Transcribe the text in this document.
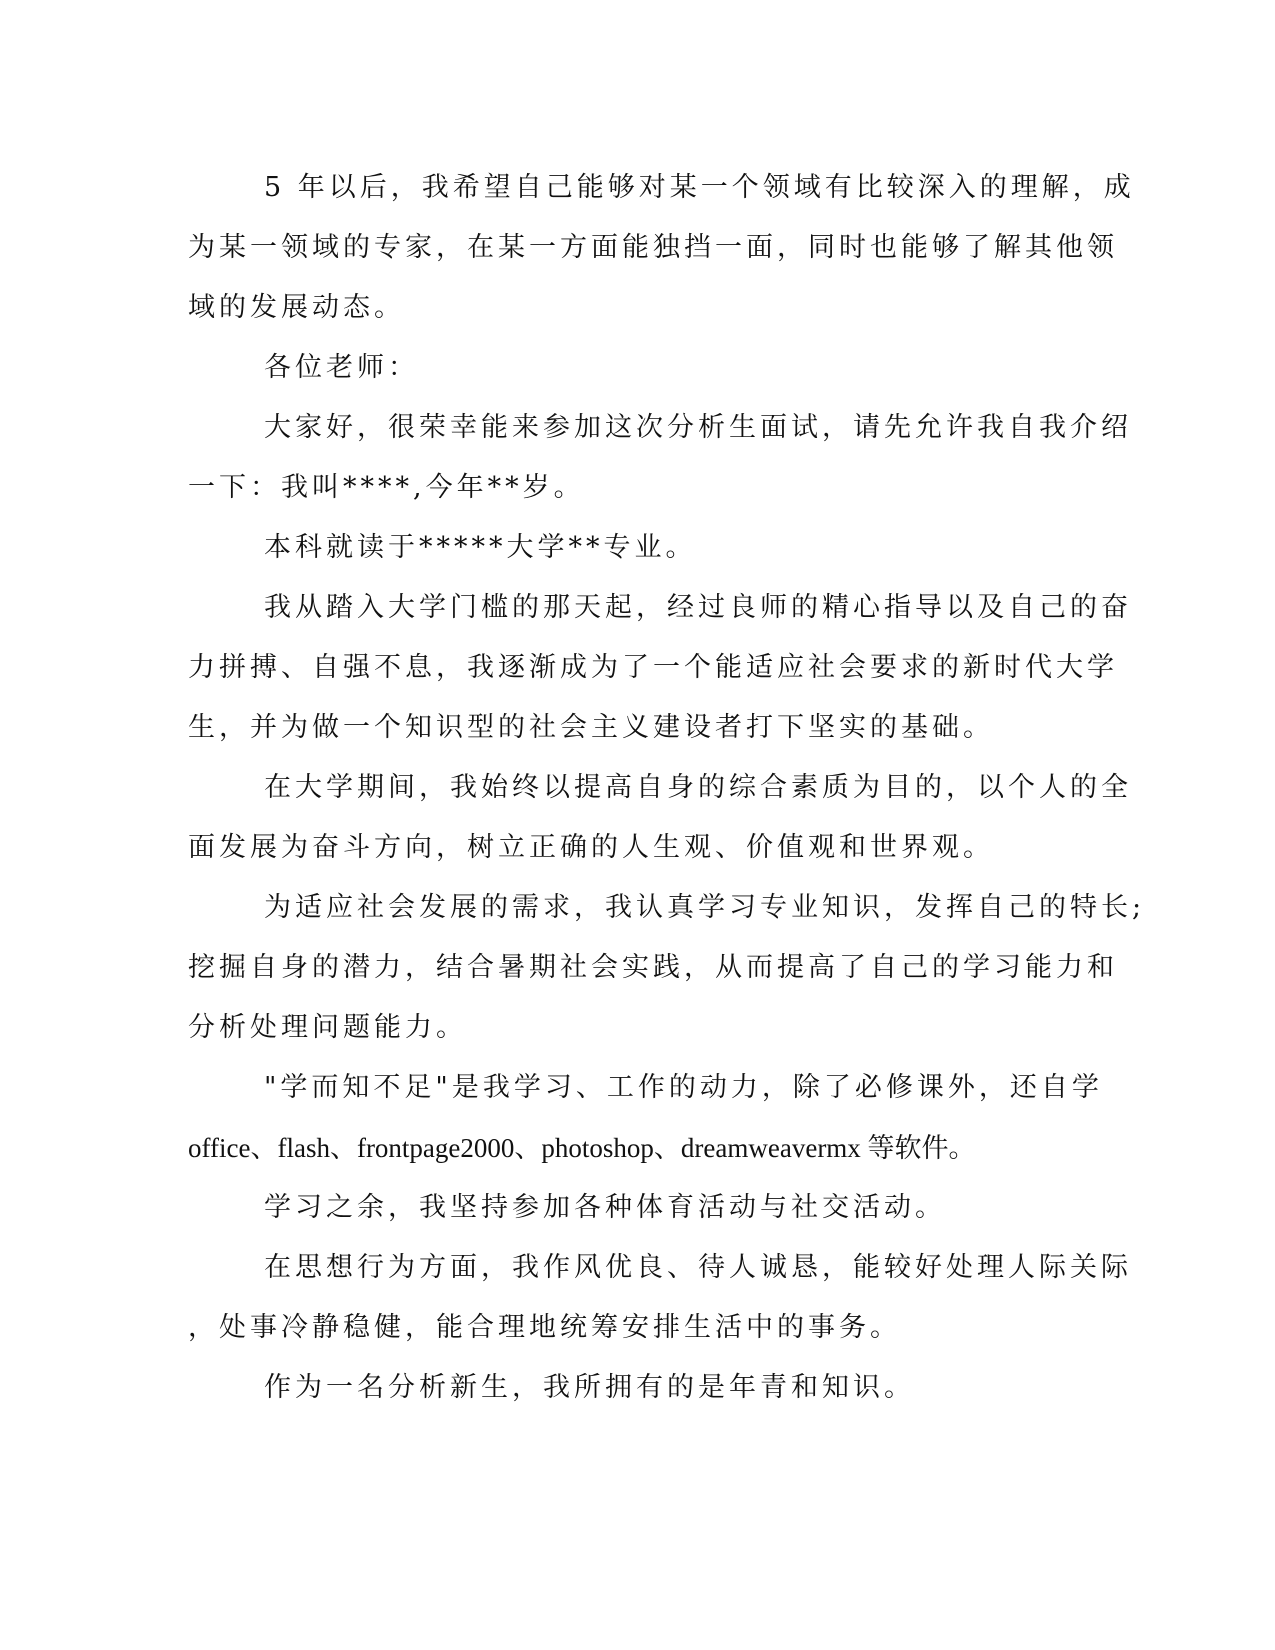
5 年以后，我希望自己能够对某一个领域有比较深入的理解，成
为某一领域的专家，在某一方面能独挡一面，同时也能够了解其他领
域的发展动态。
各位老师：
大家好，很荣幸能来参加这次分析生面试，请先允许我自我介绍
一下：我叫****,今年**岁。
本科就读于*****大学**专业。
我从踏入大学门槛的那天起，经过良师的精心指导以及自己的奋
力拼搏、自强不息，我逐渐成为了一个能适应社会要求的新时代大学
生，并为做一个知识型的社会主义建设者打下坚实的基础。
在大学期间，我始终以提高自身的综合素质为目的，以个人的全
面发展为奋斗方向，树立正确的人生观、价值观和世界观。
为适应社会发展的需求，我认真学习专业知识，发挥自己的特长;
挖掘自身的潜力，结合暑期社会实践，从而提高了自己的学习能力和
分析处理问题能力。
"学而知不足"是我学习、工作的动力，除了必修课外，还自学
office、flash、frontpage2000、photoshop、dreamweavermx 等软件。
学习之余，我坚持参加各种体育活动与社交活动。
在思想行为方面，我作风优良、待人诚恳，能较好处理人际关际
，处事冷静稳健，能合理地统筹安排生活中的事务。
作为一名分析新生，我所拥有的是年青和知识。
